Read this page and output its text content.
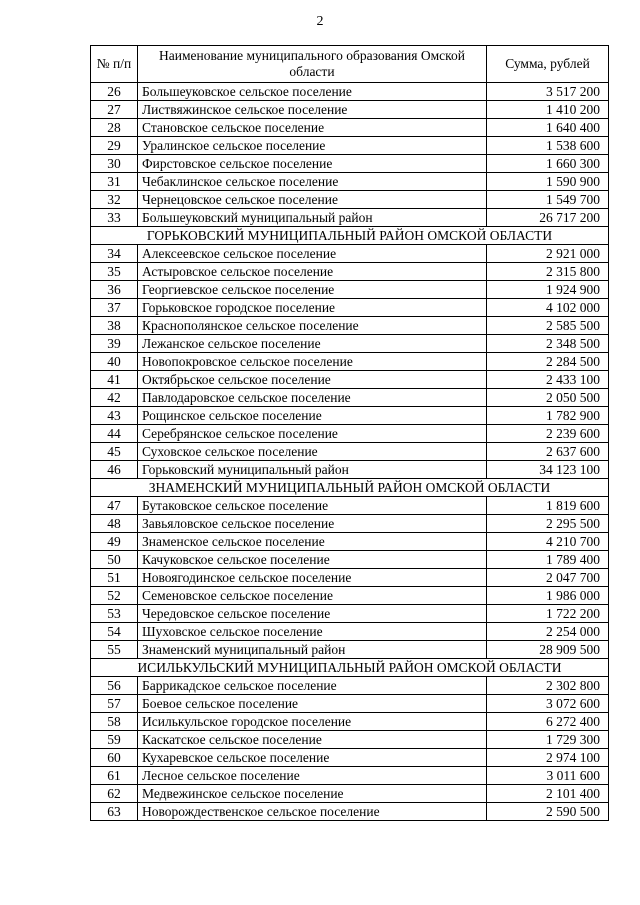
2
№ п/п	Наименование муниципального образования Омской области	Сумма, рублей
26	Большеуковское сельское поселение	3 517 200
27	Листвяжинское сельское поселение	1 410 200
28	Становское сельское поселение	1 640 400
29	Уралинское сельское поселение	1 538 600
30	Фирстовское сельское поселение	1 660 300
31	Чебаклинское сельское поселение	1 590 900
32	Чернецовское сельское поселение	1 549 700
33	Большеуковский муниципальный район	26 717 200
ГОРЬКОВСКИЙ МУНИЦИПАЛЬНЫЙ РАЙОН ОМСКОЙ ОБЛАСТИ		
34	Алексеевское сельское поселение	2 921 000
35	Астыровское сельское поселение	2 315 800
36	Георгиевское сельское поселение	1 924 900
37	Горьковское городское поселение	4 102 000
38	Краснополянское сельское поселение	2 585 500
39	Лежанское сельское поселение	2 348 500
40	Новопокровское сельское поселение	2 284 500
41	Октябрьское сельское поселение	2 433 100
42	Павлодаровское сельское поселение	2 050 500
43	Рощинское сельское поселение	1 782 900
44	Серебрянское сельское поселение	2 239 600
45	Суховское сельское поселение	2 637 600
46	Горьковский муниципальный район	34 123 100
ЗНАМЕНСКИЙ МУНИЦИПАЛЬНЫЙ РАЙОН ОМСКОЙ ОБЛАСТИ		
47	Бутаковское сельское поселение	1 819 600
48	Завьяловское сельское поселение	2 295 500
49	Знаменское сельское поселение	4 210 700
50	Качуковское сельское поселение	1 789 400
51	Новоягодинское сельское поселение	2 047 700
52	Семеновское сельское поселение	1 986 000
53	Чередовское сельское поселение	1 722 200
54	Шуховское сельское поселение	2 254 000
55	Знаменский муниципальный район	28 909 500
ИСИЛЬКУЛЬСКИЙ МУНИЦИПАЛЬНЫЙ РАЙОН ОМСКОЙ ОБЛАСТИ		
56	Баррикадское сельское поселение	2 302 800
57	Боевое сельское поселение	3 072 600
58	Исилькульское городское поселение	6 272 400
59	Каскатское сельское поселение	1 729 300
60	Кухаревское сельское поселение	2 974 100
61	Лесное сельское поселение	3 011 600
62	Медвежинское сельское поселение	2 101 400
63	Новорождественское сельское поселение	2 590 500
